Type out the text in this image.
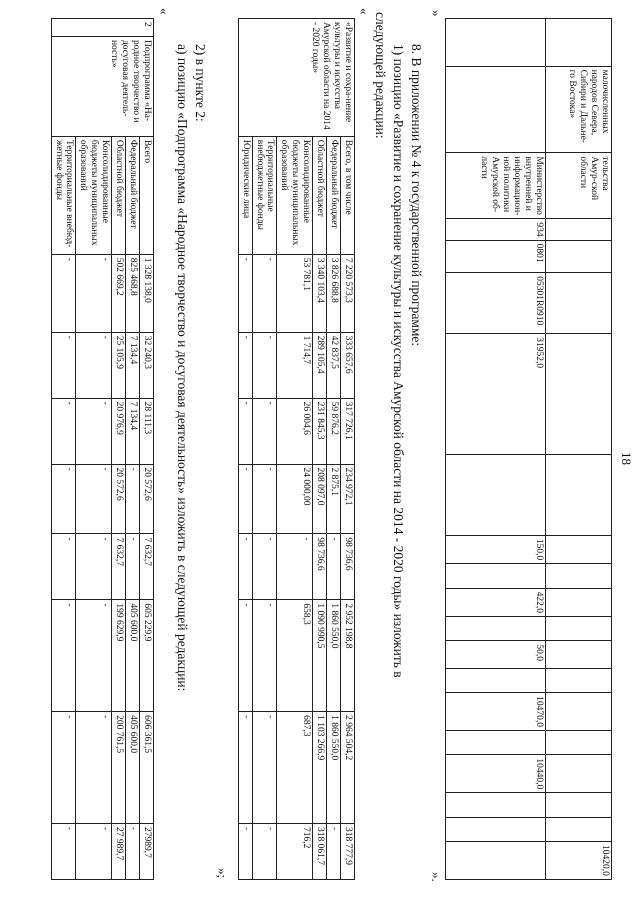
18
	малочисленных народов Севера, Сибири и Дальне-го Востока»	тельства Амур-ской области																	10420,0
		Министерство внутренней и информацион-ной политики Амурской об-ласти	934	0801	05301R0910	31952,0		150,0		422,0		50,0		10470,0		10440,0			
».
»
8. В приложении № 4 к государственной программе:
1) позицию «Развитие и сохранение культуры и искусства Амурской области на 2014 - 2020 годы» изложить в
следующей редакции:
«
«Развитие и сохра-нение культуры и искусства Амурской области на 2014 - 2020 годы»	Всего, в том числе	7 220 573,3	333 657,6	317 726,1	234 972,1	98 736,6	2 952 198,8	2 964 504,2	318 777,9
	Федеральный бюджет	3 826 688,8	42 837,5	59 876,2	2 875,1	-	1 860 550,0	1 860 550,0	-
	Областной бюджет	3 340 103,4	289 105,4	231 845,3	208 097,0	98 736,6	1 090 990,5	1 103 266,9	318 061,7
	Консолидированные бюджеты муниципальных образований	53 781,1	1 714,7	26 004,6	24 000,00	-	658,3	687,3	716,2
	Территориальные внебюджетные фонды	-	-	-	-	-	-	-	-
	Юридические лица	-	-	-	-	-	-	-	-
»;
2) в пункте 2:
а) позицию «Подпрограмма «Народное творчество и досуговая деятельность» изложить в следующей редакции:
«
2	Подпрограмма «На-родное творчество и досуговая деятель-ность»	Всего	1 328 138,0	32 240,3	28 111,3	20 572,6	7 632,7	605 229,9	606 361,5	27989,7
		Федеральный бюджет	825 468,8	7 134,4	7 134,4	-	-	405 600,0	405 600,0	-
		Областной бюджет	502 669,2	25 105,9	20 976,9	20 572,6	7 632,7	199 629,9	200 761,5	27 989,7
		Консолидированные бюджеты муниципальных образований	-	-	-	-	-	-	-	-
		Территориальные внебюд-жетные фонды	-	-	-	-	-	-	-	-
